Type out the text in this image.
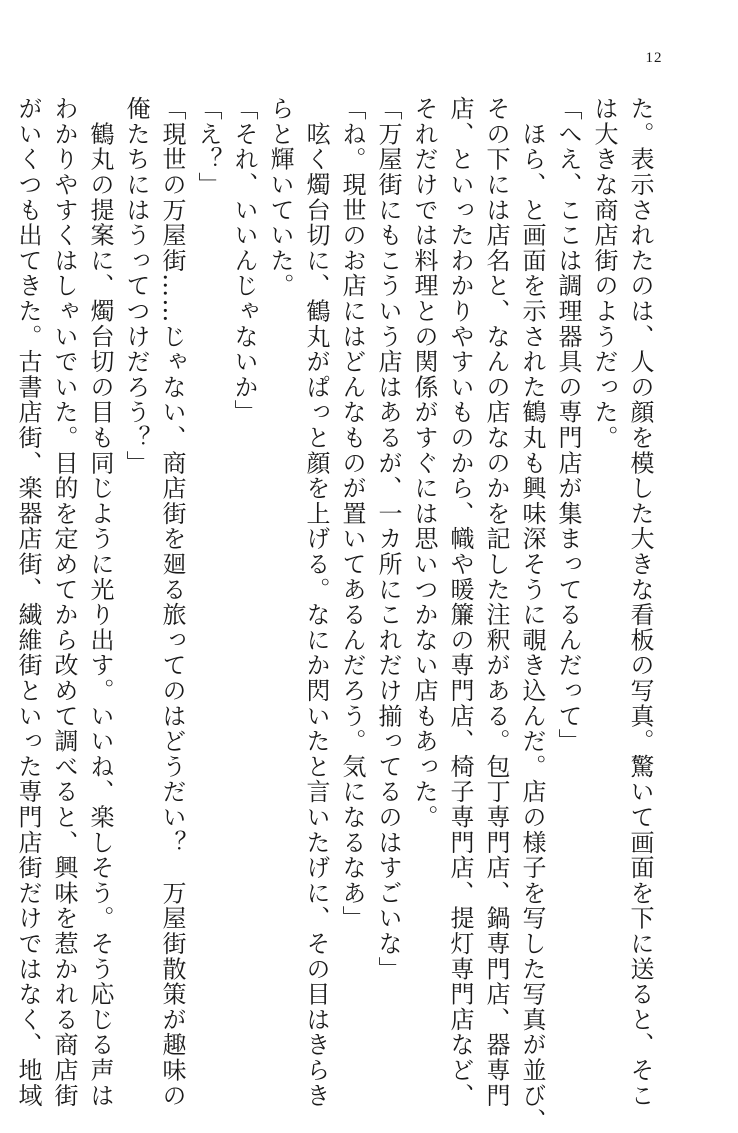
12
た。表示されたのは、人の顔を模した大きな看板の写真。驚いて画面を下に送ると、そこ
は大きな商店街のようだった。
「へえ、ここは調理器具の専門店が集まってるんだって」
　ほら、と画面を示された鶴丸も興味深そうに覗き込んだ。店の様子を写した写真が並び、
その下には店名と、なんの店なのかを記した注釈がある。包丁専門店、鍋専門店、器専門
店、といったわかりやすいものから、幟や暖簾の専門店、椅子専門店、提灯専門店など、
それだけでは料理との関係がすぐには思いつかない店もあった。
「万屋街にもこういう店はあるが、一カ所にこれだけ揃ってるのはすごいな」
「ね。現世のお店にはどんなものが置いてあるんだろう。気になるなあ」
　呟く燭台切に、鶴丸がぱっと顔を上げる。なにか閃いたと言いたげに、その目はきらき
らと輝いていた。
「それ、いいんじゃないか」
「え？」
「現世の万屋街……じゃない、商店街を廻る旅ってのはどうだい？　万屋街散策が趣味の
俺たちにはうってつけだろう？」
　鶴丸の提案に、燭台切の目も同じように光り出す。いいね、楽しそう。そう応じる声は
わかりやすくはしゃいでいた。目的を定めてから改めて調べると、興味を惹かれる商店街
がいくつも出てきた。古書店街、楽器店街、繊維街といった専門店街だけではなく、地域
